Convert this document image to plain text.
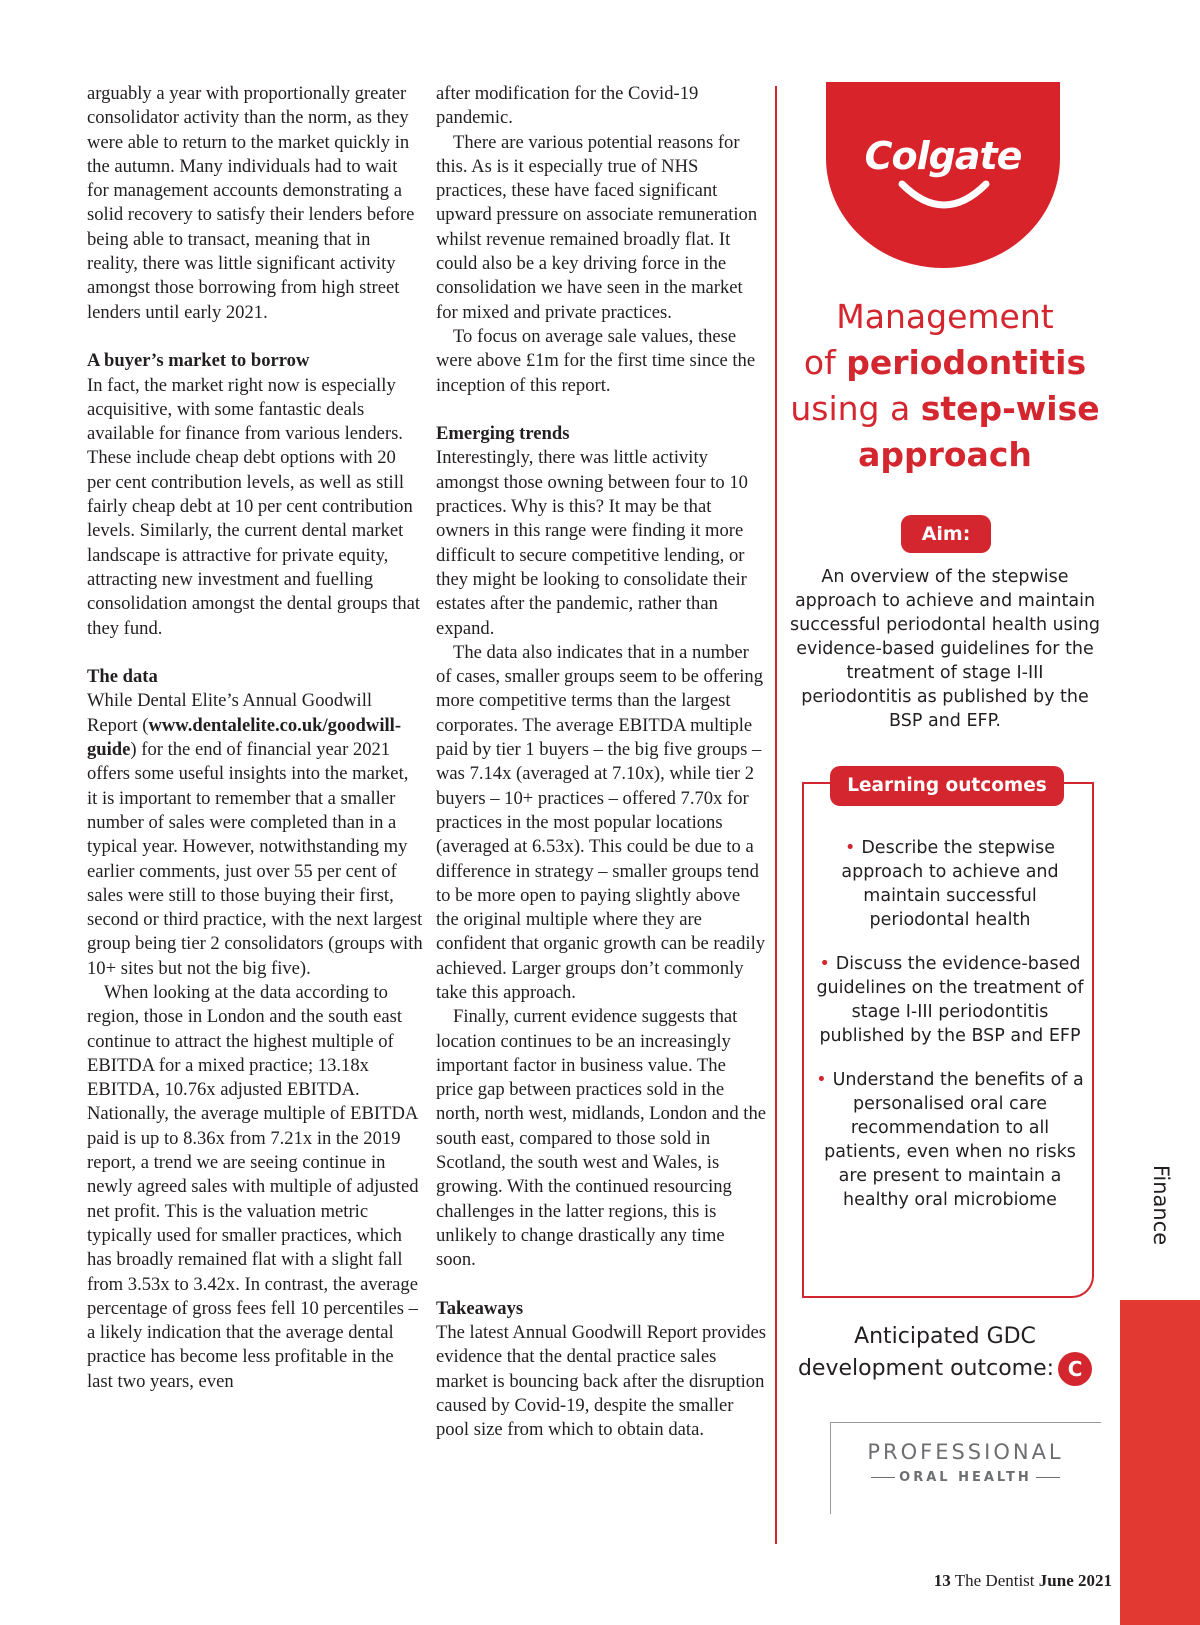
arguably a year with proportionally greater consolidator activity than the norm, as they were able to return to the market quickly in the autumn. Many individuals had to wait for management accounts demonstrating a solid recovery to satisfy their lenders before being able to transact, meaning that in reality, there was little significant activity amongst those borrowing from high street lenders until early 2021.

A buyer’s market to borrow

In fact, the market right now is especially acquisitive, with some fantastic deals available for finance from various lenders. These include cheap debt options with 20 per cent contribution levels, as well as still fairly cheap debt at 10 per cent contribution levels. Similarly, the current dental market landscape is attractive for private equity, attracting new investment and fuelling consolidation amongst the dental groups that they fund.

The data

While Dental Elite’s Annual Goodwill Report (www.dentalelite.co.uk/goodwill-guide) for the end of financial year 2021 offers some useful insights into the market, it is important to remember that a smaller number of sales were completed than in a typical year. However, notwithstanding my earlier comments, just over 55 per cent of sales were still to those buying their first, second or third practice, with the next largest group being tier 2 consolidators (groups with 10+ sites but not the big five).

When looking at the data according to region, those in London and the south east continue to attract the highest multiple of EBITDA for a mixed practice; 13.18x EBITDA, 10.76x adjusted EBITDA. Nationally, the average multiple of EBITDA paid is up to 8.36x from 7.21x in the 2019 report, a trend we are seeing continue in newly agreed sales with multiple of adjusted net profit. This is the valuation metric typically used for smaller practices, which has broadly remained flat with a slight fall from 3.53x to 3.42x. In contrast, the average percentage of gross fees fell 10 percentiles – a likely indication that the average dental practice has become less profitable in the last two years, even

after modification for the Covid-19 pandemic.

There are various potential reasons for this. As is it especially true of NHS practices, these have faced significant upward pressure on associate remuneration whilst revenue remained broadly flat. It could also be a key driving force in the consolidation we have seen in the market for mixed and private practices.

To focus on average sale values, these were above £1m for the first time since the inception of this report.

Emerging trends

Interestingly, there was little activity amongst those owning between four to 10 practices. Why is this? It may be that owners in this range were finding it more difficult to secure competitive lending, or they might be looking to consolidate their estates after the pandemic, rather than expand.

The data also indicates that in a number of cases, smaller groups seem to be offering more competitive terms than the largest corporates. The average EBITDA multiple paid by tier 1 buyers – the big five groups – was 7.14x (averaged at 7.10x), while tier 2 buyers – 10+ practices – offered 7.70x for practices in the most popular locations (averaged at 6.53x). This could be due to a difference in strategy – smaller groups tend to be more open to paying slightly above the original multiple where they are confident that organic growth can be readily achieved. Larger groups don’t commonly take this approach.

Finally, current evidence suggests that location continues to be an increasingly important factor in business value. The price gap between practices sold in the north, north west, midlands, London and the south east, compared to those sold in Scotland, the south west and Wales, is growing. With the continued resourcing challenges in the latter regions, this is unlikely to change drastically any time soon.

Takeaways

The latest Annual Goodwill Report provides evidence that the dental practice sales market is bouncing back after the disruption caused by Covid-19, despite the smaller pool size from which to obtain data.

Colgate
Management
of periodontitis
using a step-wise
approach
Aim:
An overview of the stepwise approach to achieve and maintain successful periodontal health using evidence-based guidelines for the treatment of stage I-III periodontitis as published by the BSP and EFP.
Learning outcomes
• Describe the stepwise approach to achieve and maintain successful periodontal health
• Discuss the evidence-based guidelines on the treatment of stage I-III periodontitis published by the BSP and EFP
• Understand the benefits of a personalised oral care recommendation to all patients, even when no risks are present to maintain a healthy oral microbiome
Anticipated GDC
development outcome: C
PROFESSIONAL
ORAL HEALTH
Finance
13 The Dentist June 2021
